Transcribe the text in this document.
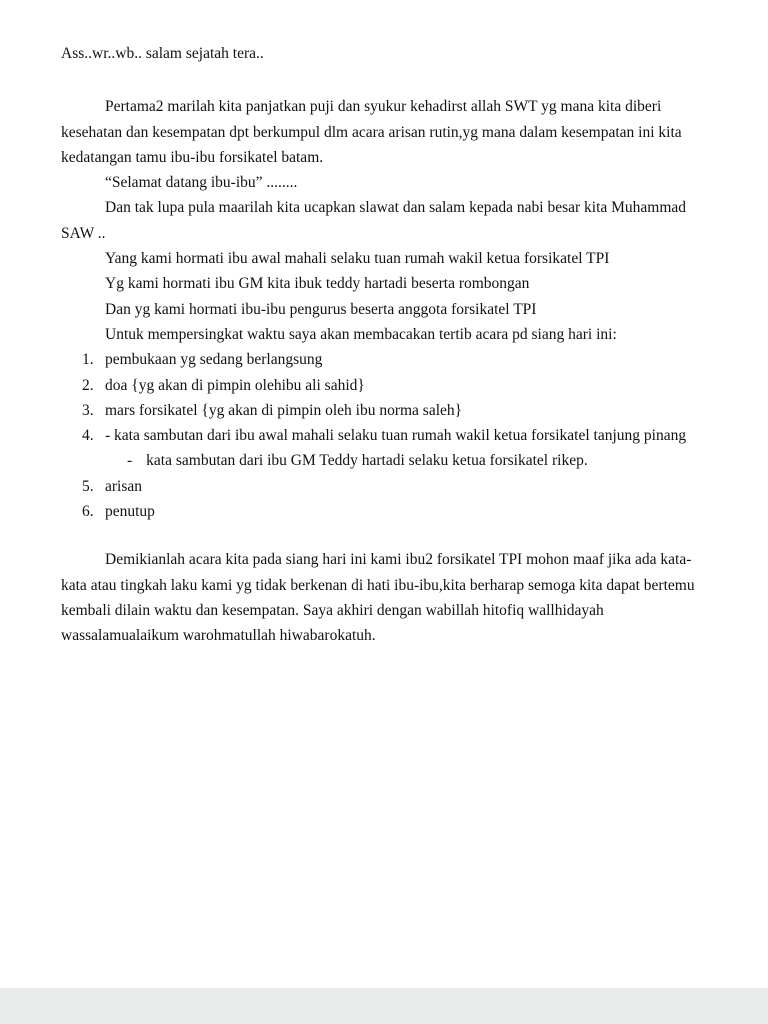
Ass..wr..wb.. salam sejatah tera..

Pertama2 marilah kita panjatkan puji dan syukur kehadirst allah SWT yg mana kita diberi kesehatan dan kesempatan dpt berkumpul dlm acara arisan rutin,yg mana dalam kesempatan ini kita kedatangan tamu ibu-ibu forsikatel batam.

“Selamat datang ibu-ibu” ........

Dan tak lupa pula maarilah kita ucapkan slawat dan salam kepada nabi besar kita Muhammad SAW ..

Yang kami hormati ibu awal mahali selaku tuan rumah wakil ketua forsikatel TPI

Yg kami hormati ibu GM kita ibuk teddy hartadi beserta rombongan

Dan yg kami hormati ibu-ibu pengurus beserta anggota forsikatel TPI

Untuk mempersingkat waktu saya akan membacakan tertib acara pd siang hari ini:

1. pembukaan yg sedang berlangsung
2. doa {yg akan di pimpin olehibu ali sahid}
3. mars forsikatel {yg akan di pimpin oleh ibu norma saleh}
4. - kata sambutan dari ibu awal mahali selaku tuan rumah wakil ketua forsikatel tanjung pinang
- kata sambutan dari ibu GM Teddy hartadi selaku ketua forsikatel rikep.
5. arisan
6. penutup

Demikianlah acara kita pada siang hari ini kami ibu2 forsikatel TPI mohon maaf jika ada kata-kata atau tingkah laku kami yg tidak berkenan di hati ibu-ibu,kita berharap semoga kita dapat bertemu kembali dilain waktu dan kesempatan. Saya akhiri dengan wabillah hitofiq wallhidayah wassalamualaikum warohmatullah hiwabarokatuh.
